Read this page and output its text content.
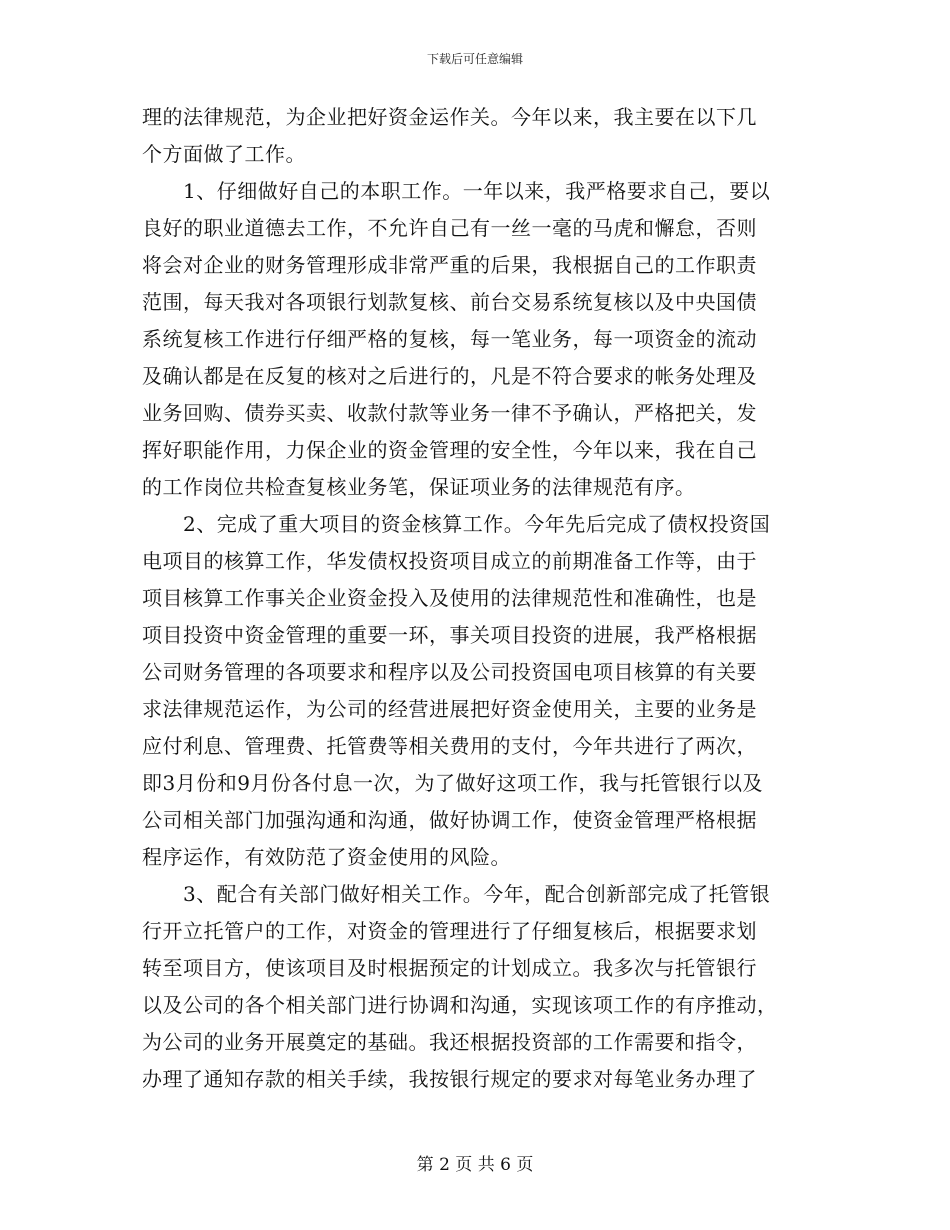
下载后可任意编辑
理的法律规范，为企业把好资金运作关。今年以来，我主要在以下几
个方面做了工作。
　　1、仔细做好自己的本职工作。一年以来，我严格要求自己，要以
良好的职业道德去工作，不允许自己有一丝一毫的马虎和懈怠，否则
将会对企业的财务管理形成非常严重的后果，我根据自己的工作职责
范围，每天我对各项银行划款复核、前台交易系统复核以及中央国债
系统复核工作进行仔细严格的复核，每一笔业务，每一项资金的流动
及确认都是在反复的核对之后进行的，凡是不符合要求的帐务处理及
业务回购、债券买卖、收款付款等业务一律不予确认，严格把关，发
挥好职能作用，力保企业的资金管理的安全性，今年以来，我在自己
的工作岗位共检查复核业务笔，保证项业务的法律规范有序。
　　2、完成了重大项目的资金核算工作。今年先后完成了债权投资国
电项目的核算工作，华发债权投资项目成立的前期准备工作等，由于
项目核算工作事关企业资金投入及使用的法律规范性和准确性，也是
项目投资中资金管理的重要一环，事关项目投资的进展，我严格根据
公司财务管理的各项要求和程序以及公司投资国电项目核算的有关要
求法律规范运作，为公司的经营进展把好资金使用关，主要的业务是
应付利息、管理费、托管费等相关费用的支付，今年共进行了两次，
即3月份和9月份各付息一次，为了做好这项工作，我与托管银行以及
公司相关部门加强沟通和沟通，做好协调工作，使资金管理严格根据
程序运作，有效防范了资金使用的风险。
　　3、配合有关部门做好相关工作。今年，配合创新部完成了托管银
行开立托管户的工作，对资金的管理进行了仔细复核后，根据要求划
转至项目方，使该项目及时根据预定的计划成立。我多次与托管银行
以及公司的各个相关部门进行协调和沟通，实现该项工作的有序推动，
为公司的业务开展奠定的基础。我还根据投资部的工作需要和指令，
办理了通知存款的相关手续，我按银行规定的要求对每笔业务办理了
第 2 页 共 6 页
